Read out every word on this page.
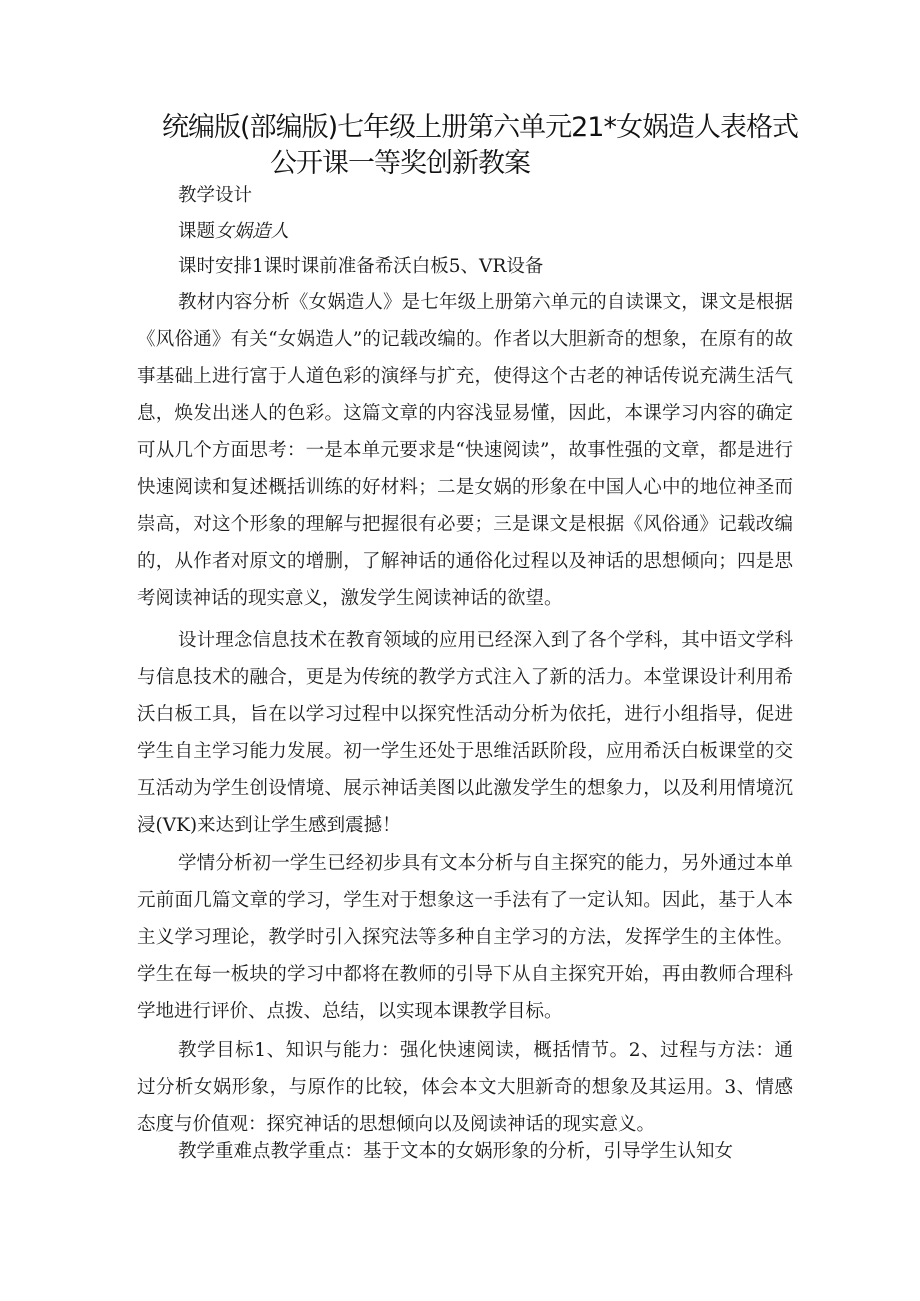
统编版(部编版)七年级上册第六单元21*女娲造人表格式
公开课一等奖创新教案
教学设计
课题女娲造人
课时安排1课时课前准备希沃白板5、VR设备
教材内容分析《女娲造人》是七年级上册第六单元的自读课文，课文是根据《风俗通》有关“女娲造人”的记载改编的。作者以大胆新奇的想象，在原有的故事基础上进行富于人道色彩的演绎与扩充，使得这个古老的神话传说充满生活气息，焕发出迷人的色彩。这篇文章的内容浅显易懂，因此，本课学习内容的确定可从几个方面思考：一是本单元要求是“快速阅读”，故事性强的文章，都是进行快速阅读和复述概括训练的好材料；二是女娲的形象在中国人心中的地位神圣而崇高，对这个形象的理解与把握很有必要；三是课文是根据《风俗通》记载改编的，从作者对原文的增删，了解神话的通俗化过程以及神话的思想倾向；四是思考阅读神话的现实意义，激发学生阅读神话的欲望。
设计理念信息技术在教育领域的应用已经深入到了各个学科，其中语文学科与信息技术的融合，更是为传统的教学方式注入了新的活力。本堂课设计利用希沃白板工具，旨在以学习过程中以探究性活动分析为依托，进行小组指导，促进学生自主学习能力发展。初一学生还处于思维活跃阶段，应用希沃白板课堂的交互活动为学生创设情境、展示神话美图以此激发学生的想象力，以及利用情境沉浸(VK)来达到让学生感到震撼！
学情分析初一学生已经初步具有文本分析与自主探究的能力，另外通过本单元前面几篇文章的学习，学生对于想象这一手法有了一定认知。因此，基于人本主义学习理论，教学时引入探究法等多种自主学习的方法，发挥学生的主体性。学生在每一板块的学习中都将在教师的引导下从自主探究开始，再由教师合理科学地进行评价、点拨、总结，以实现本课教学目标。
教学目标1、知识与能力：强化快速阅读，概括情节。2、过程与方法：通过分析女娲形象，与原作的比较，体会本文大胆新奇的想象及其运用。3、情感态度与价值观：探究神话的思想倾向以及阅读神话的现实意义。
教学重难点教学重点：基于文本的女娲形象的分析，引导学生认知女
